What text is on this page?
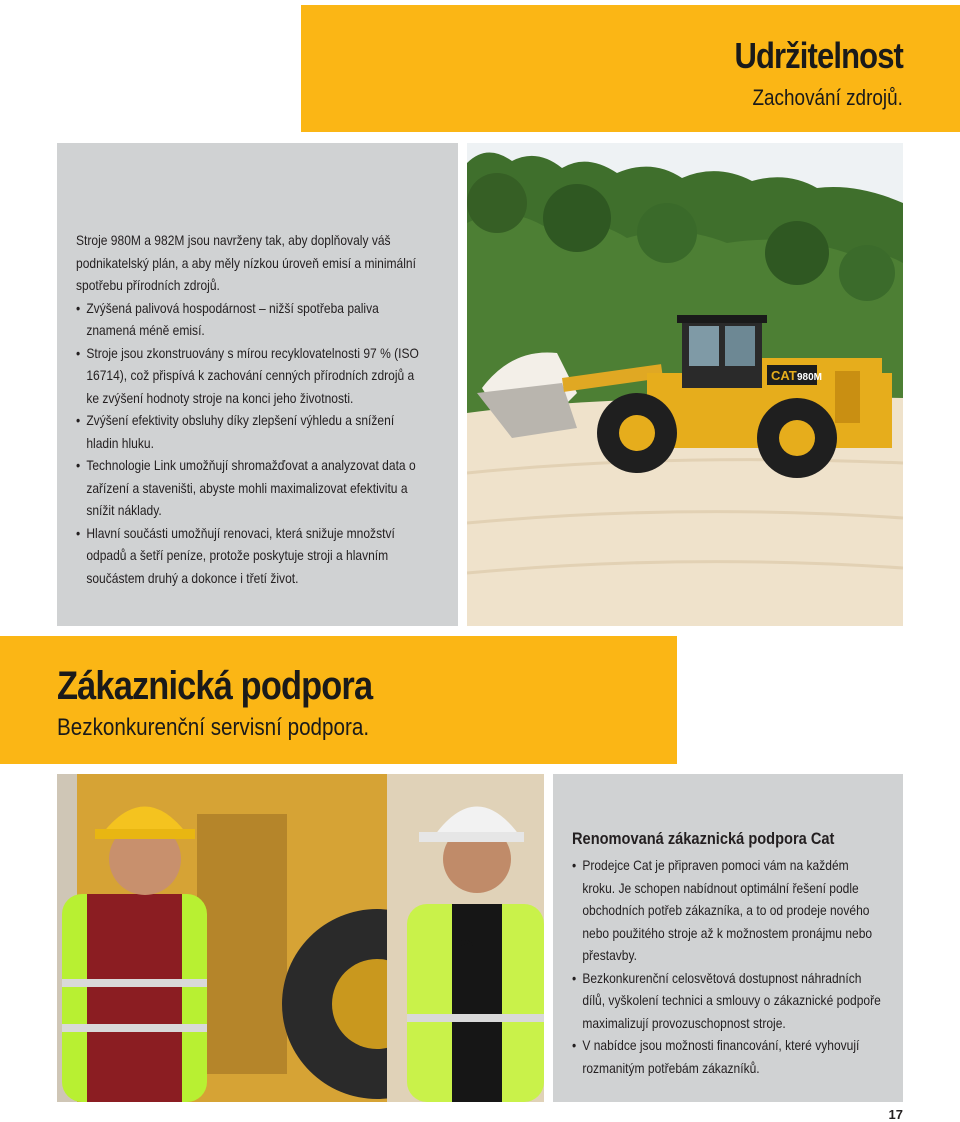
Udržitelnost
Zachování zdrojů.
Stroje 980M a 982M jsou navrženy tak, aby doplňovaly váš podnikatelský plán, a aby měly nízkou úroveň emisí a minimální spotřebu přírodních zdrojů.
• Zvýšená palivová hospodárnost – nižší spotřeba paliva znamená méně emisí.
• Stroje jsou zkonstruovány s mírou recyklovatelnosti 97 % (ISO 16714), což přispívá k zachování cenných přírodních zdrojů a ke zvýšení hodnoty stroje na konci jeho životnosti.
• Zvýšení efektivity obsluhy díky zlepšení výhledu a snížení hladin hluku.
• Technologie Link umožňují shromažďovat a analyzovat data o zařízení a staveništi, abyste mohli maximalizovat efektivitu a snížit náklady.
• Hlavní součásti umožňují renovaci, která snižuje množství odpadů a šetří peníze, protože poskytuje stroji a hlavním součástem druhý a dokonce i třetí život.
CAT 980M
Zákaznická podpora
Bezkonkurenční servisní podpora.
CAT
Renomovaná zákaznická podpora Cat
• Prodejce Cat je připraven pomoci vám na každém kroku. Je schopen nabídnout optimální řešení podle obchodních potřeb zákazníka, a to od prodeje nového nebo použitého stroje až k možnostem pronájmu nebo přestavby.
• Bezkonkurenční celosvětová dostupnost náhradních dílů, vyškolení technici a smlouvy o zákaznické podpoře maximalizují provozuschopnost stroje.
• V nabídce jsou možnosti financování, které vyhovují rozmanitým potřebám zákazníků.
17
